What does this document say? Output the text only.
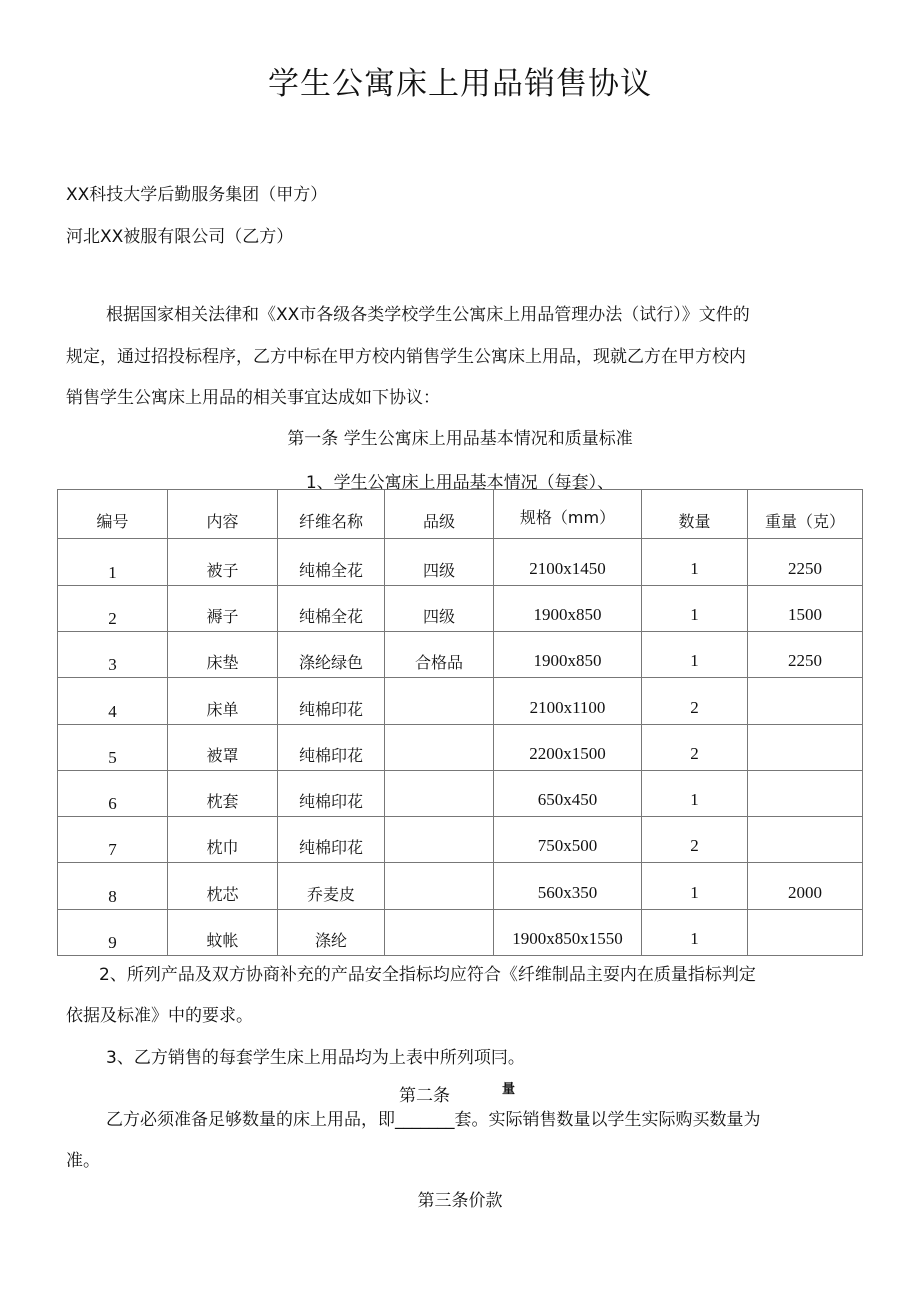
学生公寓床上用品销售协议
XX科技大学后勤服务集团（甲方）
河北XX被服有限公司（乙方）
根据国家相关法律和《XX市各级各类学校学生公寓床上用品管理办法（试行）》文件的
规定，通过招投标程序，乙方中标在甲方校内销售学生公寓床上用品，现就乙方在甲方校内
销售学生公寓床上用品的相关事宜达成如下协议：
第一条 学生公寓床上用品基本情况和质量标准
1、学生公寓床上用品基本情况（每套）、
编号	内容	纤维名称	品级	规格（mm）	数量	重量（克）
1	被子	纯棉全花	四级	2100x1450	1	2250
2	褥子	纯棉全花	四级	1900x850	1	1500
3	床垫	涤纶绿色	合格品	1900x850	1	2250
4	床单	纯棉印花		2100x1100	2	
5	被罩	纯棉印花		2200x1500	2	
6	枕套	纯棉印花		650x450	1	
7	枕巾	纯棉印花		750x500	2	
8	枕芯	乔麦皮		560x350	1	2000
9	蚊帐	涤纶		1900x850x1550	1	
2、所列产品及双方协商补充的产品安全指标均应符合《纤维制品主耍内在质量指标判定
依据及标准》中的要求。
3、乙方销售的每套学生床上用品均为上表中所列项冃。
第二条	量
乙方必须准备足够数量的床上用品，即_______套。实际销售数量以学生实际购买数量为
准。
第三条价款
